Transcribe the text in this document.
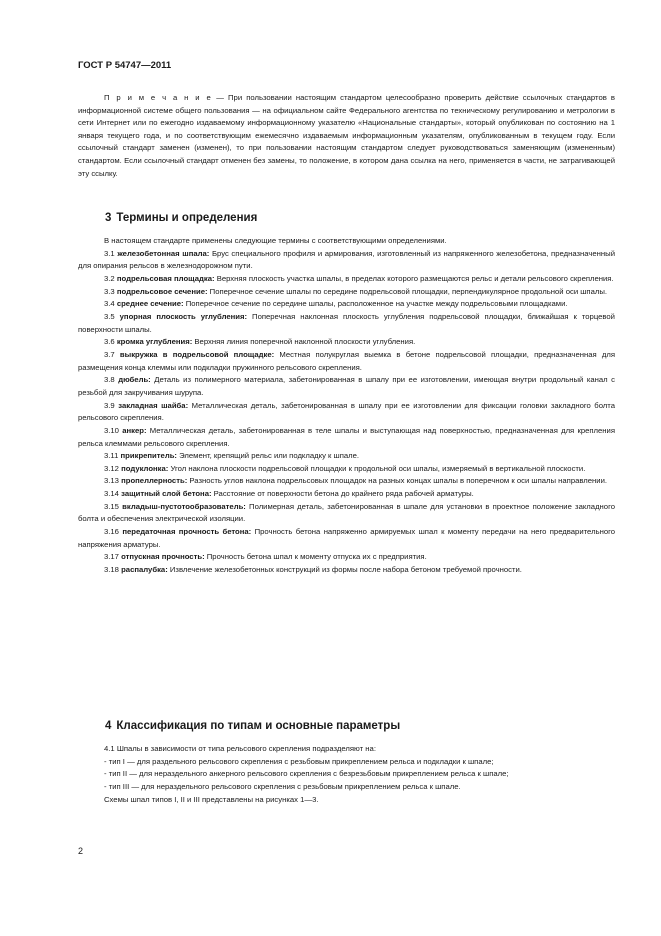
ГОСТ Р 54747—2011
П р и м е ч а н и е — При пользовании настоящим стандартом целесообразно проверить действие ссылочных стандартов в информационной системе общего пользования — на официальном сайте Федерального агентства по техническому регулированию и метрологии в сети Интернет или по ежегодно издаваемому информационному указателю «Национальные стандарты», который опубликован по состоянию на 1 января текущего года, и по соответствующим ежемесячно издаваемым информационным указателям, опубликованным в текущем году. Если ссылочный стандарт заменен (изменен), то при пользовании настоящим стандартом следует руководствоваться заменяющим (измененным) стандартом. Если ссылочный стандарт отменен без замены, то положение, в котором дана ссылка на него, применяется в части, не затрагивающей эту ссылку.
3 Термины и определения

В настоящем стандарте применены следующие термины с соответствующими определениями.

3.1 железобетонная шпала: Брус специального профиля и армирования, изготовленный из напряженного железобетона, предназначенный для опирания рельсов в железнодорожном пути.

3.2 подрельсовая площадка: Верхняя плоскость участка шпалы, в пределах которого размещаются рельс и детали рельсового скрепления.

3.3 подрельсовое сечение: Поперечное сечение шпалы по середине подрельсовой площадки, перпендикулярное продольной оси шпалы.

3.4 среднее сечение: Поперечное сечение по середине шпалы, расположенное на участке между подрельсовыми площадками.

3.5 упорная плоскость углубления: Поперечная наклонная плоскость углубления подрельсовой площадки, ближайшая к торцевой поверхности шпалы.

3.6 кромка углубления: Верхняя линия поперечной наклонной плоскости углубления.

3.7 выкружка в подрельсовой площадке: Местная полукруглая выемка в бетоне подрельсовой площадки, предназначенная для размещения конца клеммы или подкладки пружинного рельсового скрепления.

3.8 дюбель: Деталь из полимерного материала, забетонированная в шпалу при ее изготовлении, имеющая внутри продольный канал с резьбой для закручивания шурупа.

3.9 закладная шайба: Металлическая деталь, забетонированная в шпалу при ее изготовлении для фиксации головки закладного болта рельсового скрепления.

3.10 анкер: Металлическая деталь, забетонированная в теле шпалы и выступающая над поверхностью, предназначенная для крепления рельса клеммами рельсового скрепления.

3.11 прикрепитель: Элемент, крепящий рельс или подкладку к шпале.

3.12 подуклонка: Угол наклона плоскости подрельсовой площадки к продольной оси шпалы, измеряемый в вертикальной плоскости.

3.13 пропеллерность: Разность углов наклона подрельсовых площадок на разных концах шпалы в поперечном к оси шпалы направлении.

3.14 защитный слой бетона: Расстояние от поверхности бетона до крайнего ряда рабочей арматуры.

3.15 вкладыш-пустотообразователь: Полимерная деталь, забетонированная в шпале для установки в проектное положение закладного болта и обеспечения электрической изоляции.

3.16 передаточная прочность бетона: Прочность бетона напряженно армируемых шпал к моменту передачи на него предварительного напряжения арматуры.

3.17 отпускная прочность: Прочность бетона шпал к моменту отпуска их с предприятия.

3.18 распалубка: Извлечение железобетонных конструкций из формы после набора бетоном требуемой прочности.

4 Классификация по типам и основные параметры

4.1 Шпалы в зависимости от типа рельсового скрепления подразделяют на:

- тип I — для раздельного рельсового скрепления с резьбовым прикреплением рельса и подкладки к шпале;

- тип II — для нераздельного анкерного рельсового скрепления с безрезьбовым прикреплением рельса к шпале;

- тип III — для нераздельного рельсового скрепления с резьбовым прикреплением рельса к шпале.

Схемы шпал типов I, II и III представлены на рисунках 1—3.

2
